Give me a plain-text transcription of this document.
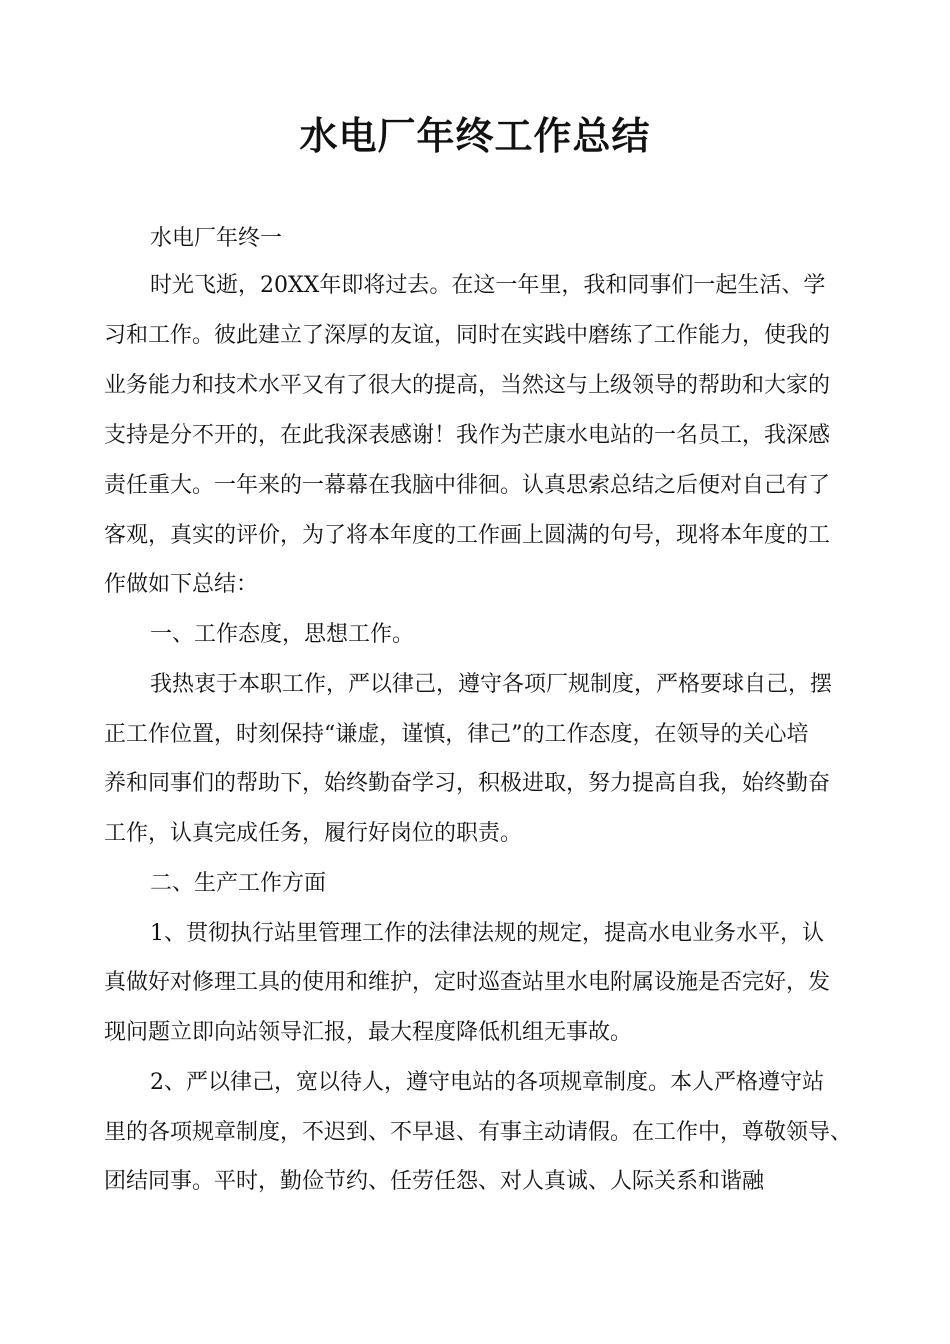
水电厂年终工作总结

水电厂年终一

时光飞逝，20XX年即将过去。在这一年里，我和同事们一起生活、学

习和工作。彼此建立了深厚的友谊，同时在实践中磨练了工作能力，使我的

业务能力和技术水平又有了很大的提高，当然这与上级领导的帮助和大家的

支持是分不开的，在此我深表感谢！我作为芒康水电站的一名员工，我深感

责任重大。一年来的一幕幕在我脑中徘徊。认真思索总结之后便对自己有了

客观，真实的评价，为了将本年度的工作画上圆满的句号，现将本年度的工

作做如下总结：

一、工作态度，思想工作。

我热衷于本职工作，严以律己，遵守各项厂规制度，严格要球自己，摆

正工作位置，时刻保持“谦虚，谨慎，律己”的工作态度，在领导的关心培

养和同事们的帮助下，始终勤奋学习，积极进取，努力提高自我，始终勤奋

工作，认真完成任务，履行好岗位的职责。

二、生产工作方面

1、贯彻执行站里管理工作的法律法规的规定，提高水电业务水平，认

真做好对修理工具的使用和维护，定时巡查站里水电附属设施是否完好，发

现问题立即向站领导汇报，最大程度降低机组无事故。

2、严以律己，宽以待人，遵守电站的各项规章制度。本人严格遵守站

里的各项规章制度，不迟到、不早退、有事主动请假。在工作中，尊敬领导、

团结同事。平时，勤俭节约、任劳任怨、对人真诚、人际关系和谐融
